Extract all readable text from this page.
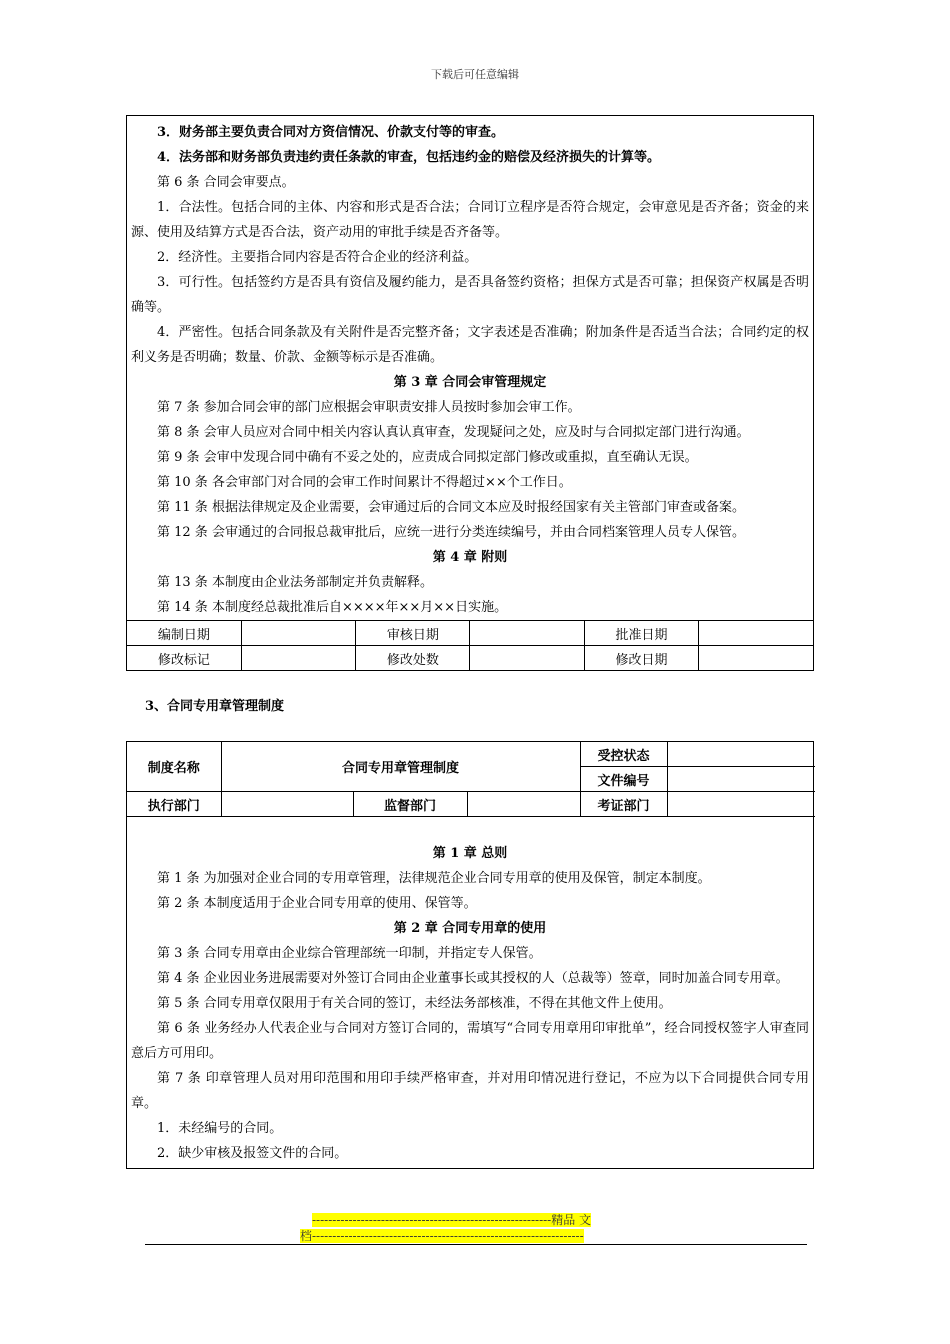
下载后可任意编辑

3．财务部主要负责合同对方资信情况、价款支付等的审查。

4．法务部和财务部负责违约责任条款的审查，包括违约金的赔偿及经济损失的计算等。

第 6 条 合同会审要点。

1．合法性。包括合同的主体、内容和形式是否合法；合同订立程序是否符合规定，会审意见是否齐备；资金的来源、使用及结算方式是否合法，资产动用的审批手续是否齐备等。

2．经济性。主要指合同内容是否符合企业的经济利益。

3．可行性。包括签约方是否具有资信及履约能力，是否具备签约资格；担保方式是否可靠；担保资产权属是否明确等。

4．严密性。包括合同条款及有关附件是否完整齐备；文字表述是否准确；附加条件是否适当合法；合同约定的权利义务是否明确；数量、价款、金额等标示是否准确。

第 3 章 合同会审管理规定

第 7 条 参加合同会审的部门应根据会审职责安排人员按时参加会审工作。

第 8 条 会审人员应对合同中相关内容认真认真审查，发现疑问之处，应及时与合同拟定部门进行沟通。

第 9 条 会审中发现合同中确有不妥之处的，应责成合同拟定部门修改或重拟，直至确认无误。

第 10 条 各会审部门对合同的会审工作时间累计不得超过××个工作日。

第 11 条 根据法律规定及企业需要，会审通过后的合同文本应及时报经国家有关主管部门审查或备案。

第 12 条 会审通过的合同报总裁审批后，应统一进行分类连续编号，并由合同档案管理人员专人保管。

第 4 章 附则

第 13 条 本制度由企业法务部制定并负责解释。

第 14 条 本制度经总裁批准后自××××年××月××日实施。

编制日期		审核日期		批准日期	
修改标记		修改处数		修改日期	
3、合同专用章管理制度
制度名称	合同专用章管理制度			受控状态	
				文件编号	
执行部门		监督部门		考证部门	

第 1 章 总则

第 1 条 为加强对企业合同的专用章管理，法律规范企业合同专用章的使用及保管，制定本制度。

第 2 条 本制度适用于企业合同专用章的使用、保管等。

第 2 章 合同专用章的使用

第 3 条 合同专用章由企业综合管理部统一印制，并指定专人保管。

第 4 条 企业因业务进展需要对外签订合同由企业董事长或其授权的人（总裁等）签章，同时加盖合同专用章。

第 5 条 合同专用章仅限用于有关合同的签订，未经法务部核准，不得在其他文件上使用。

第 6 条 业务经办人代表企业与合同对方签订合同的，需填写“合同专用章用印审批单”，经合同授权签字人审查同意后方可用印。

第 7 条 印章管理人员对用印范围和用印手续严格审查，并对用印情况进行登记，不应为以下合同提供合同专用章。

1．未经编号的合同。

2．缺少审核及报签文件的合同。

-----------------------------------------------------------精品 文
档-------------------------------------------------------------------
